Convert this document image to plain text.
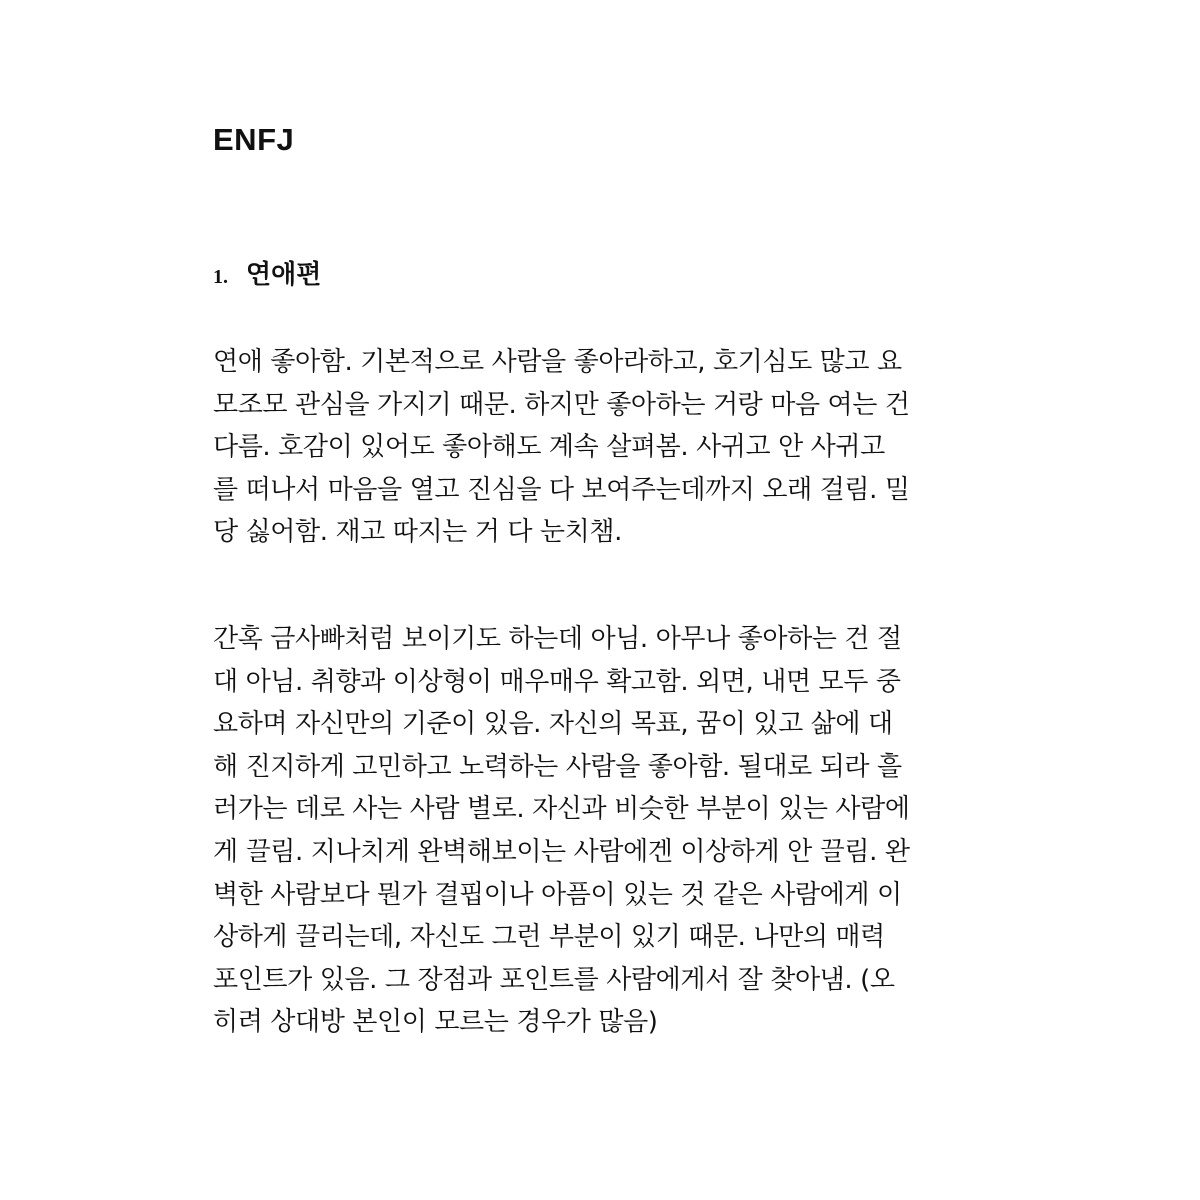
ENFJ
1. 연애편
연애 좋아함. 기본적으로 사람을 좋아라하고, 호기심도 많고 요
모조모 관심을 가지기 때문. 하지만 좋아하는 거랑 마음 여는 건
다름. 호감이 있어도 좋아해도 계속 살펴봄. 사귀고 안 사귀고
를 떠나서 마음을 열고 진심을 다 보여주는데까지 오래 걸림. 밀
당 싫어함. 재고 따지는 거 다 눈치챔.
간혹 금사빠처럼 보이기도 하는데 아님. 아무나 좋아하는 건 절
대 아님. 취향과 이상형이 매우매우 확고함. 외면, 내면 모두 중
요하며 자신만의 기준이 있음. 자신의 목표, 꿈이 있고 삶에 대
해 진지하게 고민하고 노력하는 사람을 좋아함. 될대로 되라 흘
러가는 데로 사는 사람 별로. 자신과 비슷한 부분이 있는 사람에
게 끌림. 지나치게 완벽해보이는 사람에겐 이상하게 안 끌림. 완
벽한 사람보다 뭔가 결핍이나 아픔이 있는 것 같은 사람에게 이
상하게 끌리는데, 자신도 그런 부분이 있기 때문. 나만의 매력
포인트가 있음. 그 장점과 포인트를 사람에게서 잘 찾아냄. (오
히려 상대방 본인이 모르는 경우가 많음)
